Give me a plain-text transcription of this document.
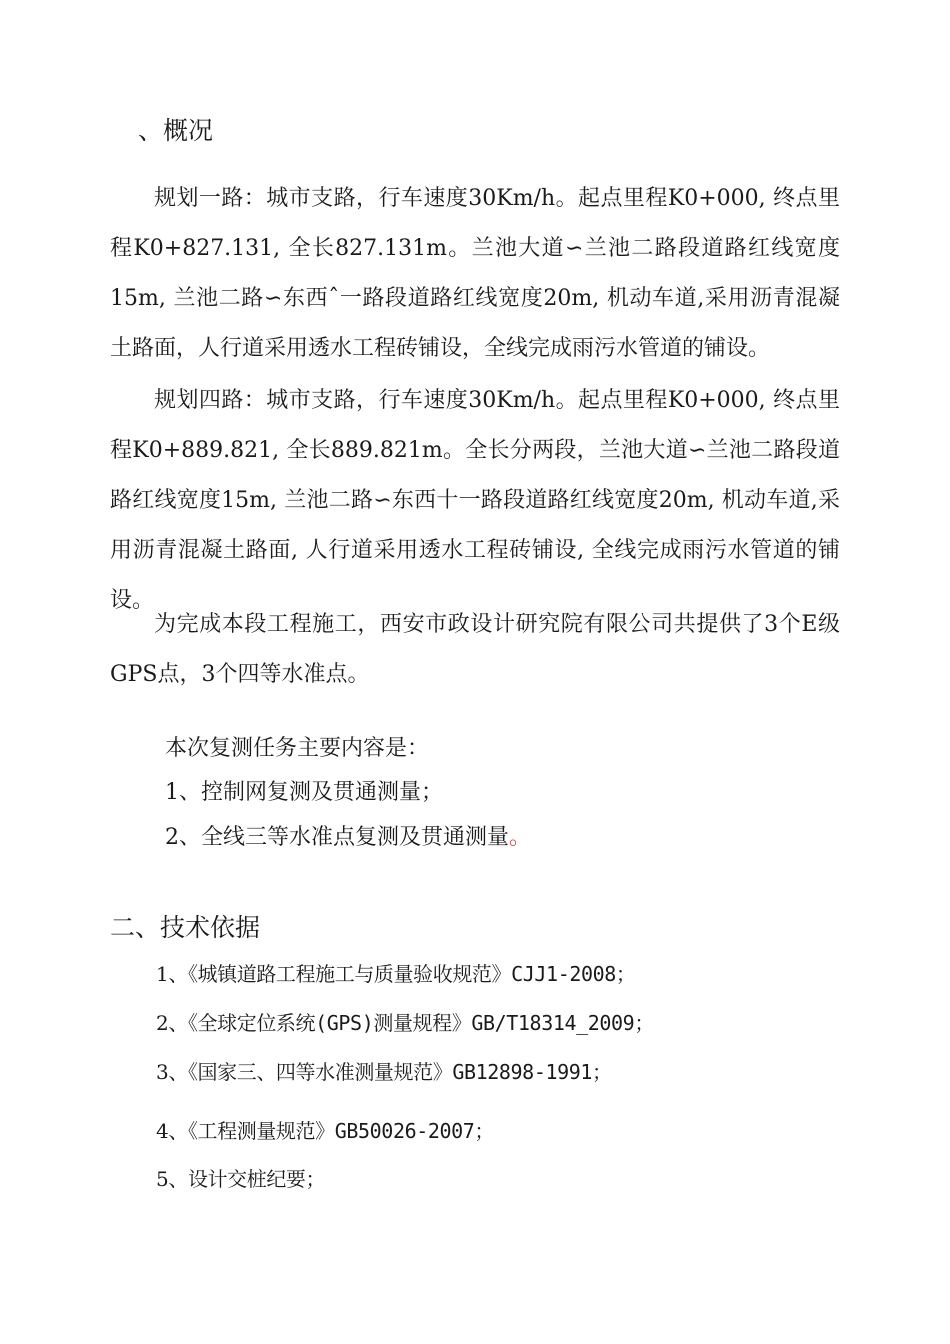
、概况

规划一路：城市支路，行车速度30Km/h。起点里程K0+000, 终点里程K0+827.131, 全长827.131m。兰池大道∽兰池二路段道路红线宽度15m, 兰池二路∽东西ˆ一路段道路红线宽度20m, 机动车道,采用沥青混凝土路面，人行道采用透水工程砖铺设，全线完成雨污水管道的铺设。

规划四路：城市支路，行车速度30Km/h。起点里程K0+000, 终点里程K0+889.821, 全长889.821m。全长分两段，兰池大道∽兰池二路段道路红线宽度15m, 兰池二路∽东西十一路段道路红线宽度20m, 机动车道,采用沥青混凝土路面, 人行道采用透水工程砖铺设, 全线完成雨污水管道的铺设。

为完成本段工程施工，西安市政设计研究院有限公司共提供了3个E级GPS点，3个四等水准点。

本次复测任务主要内容是：
1、控制网复测及贯通测量；
2、全线三等水准点复测及贯通测量。
二、技术依据
1、《城镇道路工程施工与质量验收规范》CJJ1-2008；
2、《全球定位系统(GPS)测量规程》GB/T18314_2009；
3、《国家三、四等水准测量规范》GB12898-1991；
4、《工程测量规范》GB50026-2007；
5、设计交桩纪要；
